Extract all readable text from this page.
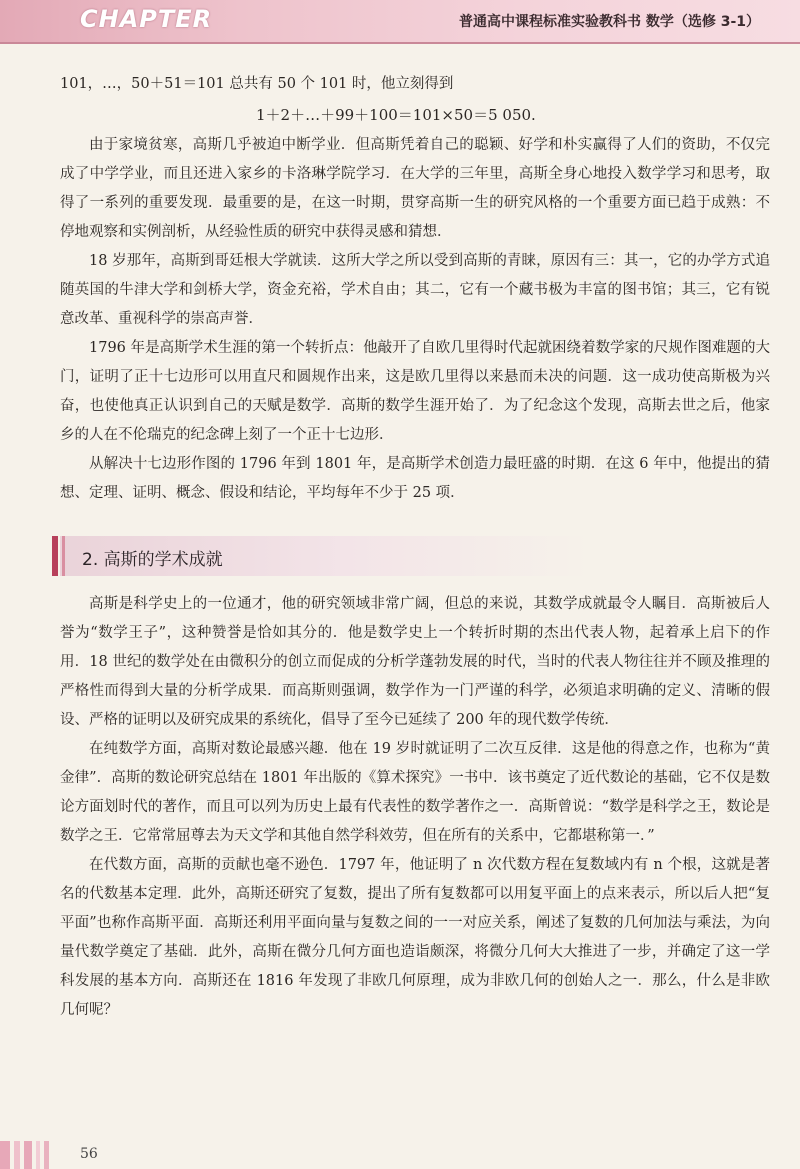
CHAPTER	普通高中课程标准实验教科书 数学（选修 3-1）

101，…，50＋51＝101 总共有 50 个 101 时，他立刻得到

1＋2＋…＋99＋100＝101×50＝5 050.

由于家境贫寒，高斯几乎被迫中断学业．但高斯凭着自己的聪颖、好学和朴实赢得了人们的资助，不仅完成了中学学业，而且还进入家乡的卡洛琳学院学习．在大学的三年里，高斯全身心地投入数学学习和思考，取得了一系列的重要发现．最重要的是，在这一时期，贯穿高斯一生的研究风格的一个重要方面已趋于成熟：不停地观察和实例剖析，从经验性质的研究中获得灵感和猜想．

18 岁那年，高斯到哥廷根大学就读．这所大学之所以受到高斯的青睐，原因有三：其一，它的办学方式追随英国的牛津大学和剑桥大学，资金充裕，学术自由；其二，它有一个藏书极为丰富的图书馆；其三，它有锐意改革、重视科学的崇高声誉．

1796 年是高斯学术生涯的第一个转折点：他敲开了自欧几里得时代起就困绕着数学家的尺规作图难题的大门，证明了正十七边形可以用直尺和圆规作出来，这是欧几里得以来悬而未决的问题．这一成功使高斯极为兴奋，也使他真正认识到自己的天赋是数学．高斯的数学生涯开始了．为了纪念这个发现，高斯去世之后，他家乡的人在不伦瑞克的纪念碑上刻了一个正十七边形．

从解决十七边形作图的 1796 年到 1801 年，是高斯学术创造力最旺盛的时期．在这 6 年中，他提出的猜想、定理、证明、概念、假设和结论，平均每年不少于 25 项．

2. 高斯的学术成就

高斯是科学史上的一位通才，他的研究领域非常广阔，但总的来说，其数学成就最令人瞩目．高斯被后人誉为“数学王子”，这种赞誉是恰如其分的．他是数学史上一个转折时期的杰出代表人物，起着承上启下的作用．18 世纪的数学处在由微积分的创立而促成的分析学蓬勃发展的时代，当时的代表人物往往并不顾及推理的严格性而得到大量的分析学成果．而高斯则强调，数学作为一门严谨的科学，必须追求明确的定义、清晰的假设、严格的证明以及研究成果的系统化，倡导了至今已延续了 200 年的现代数学传统．

在纯数学方面，高斯对数论最感兴趣．他在 19 岁时就证明了二次互反律．这是他的得意之作，也称为“黄金律”．高斯的数论研究总结在 1801 年出版的《算术探究》一书中．该书奠定了近代数论的基础，它不仅是数论方面划时代的著作，而且可以列为历史上最有代表性的数学著作之一．高斯曾说：“数学是科学之王，数论是数学之王．它常常屈尊去为天文学和其他自然学科效劳，但在所有的关系中，它都堪称第一．”

在代数方面，高斯的贡献也毫不逊色．1797 年，他证明了 n 次代数方程在复数域内有 n 个根，这就是著名的代数基本定理．此外，高斯还研究了复数，提出了所有复数都可以用复平面上的点来表示，所以后人把“复平面”也称作高斯平面．高斯还利用平面向量与复数之间的一一对应关系，阐述了复数的几何加法与乘法，为向量代数学奠定了基础．此外，高斯在微分几何方面也造诣颇深，将微分几何大大推进了一步，并确定了这一学科发展的基本方向．高斯还在 1816 年发现了非欧几何原理，成为非欧几何的创始人之一．那么，什么是非欧几何呢？

56
